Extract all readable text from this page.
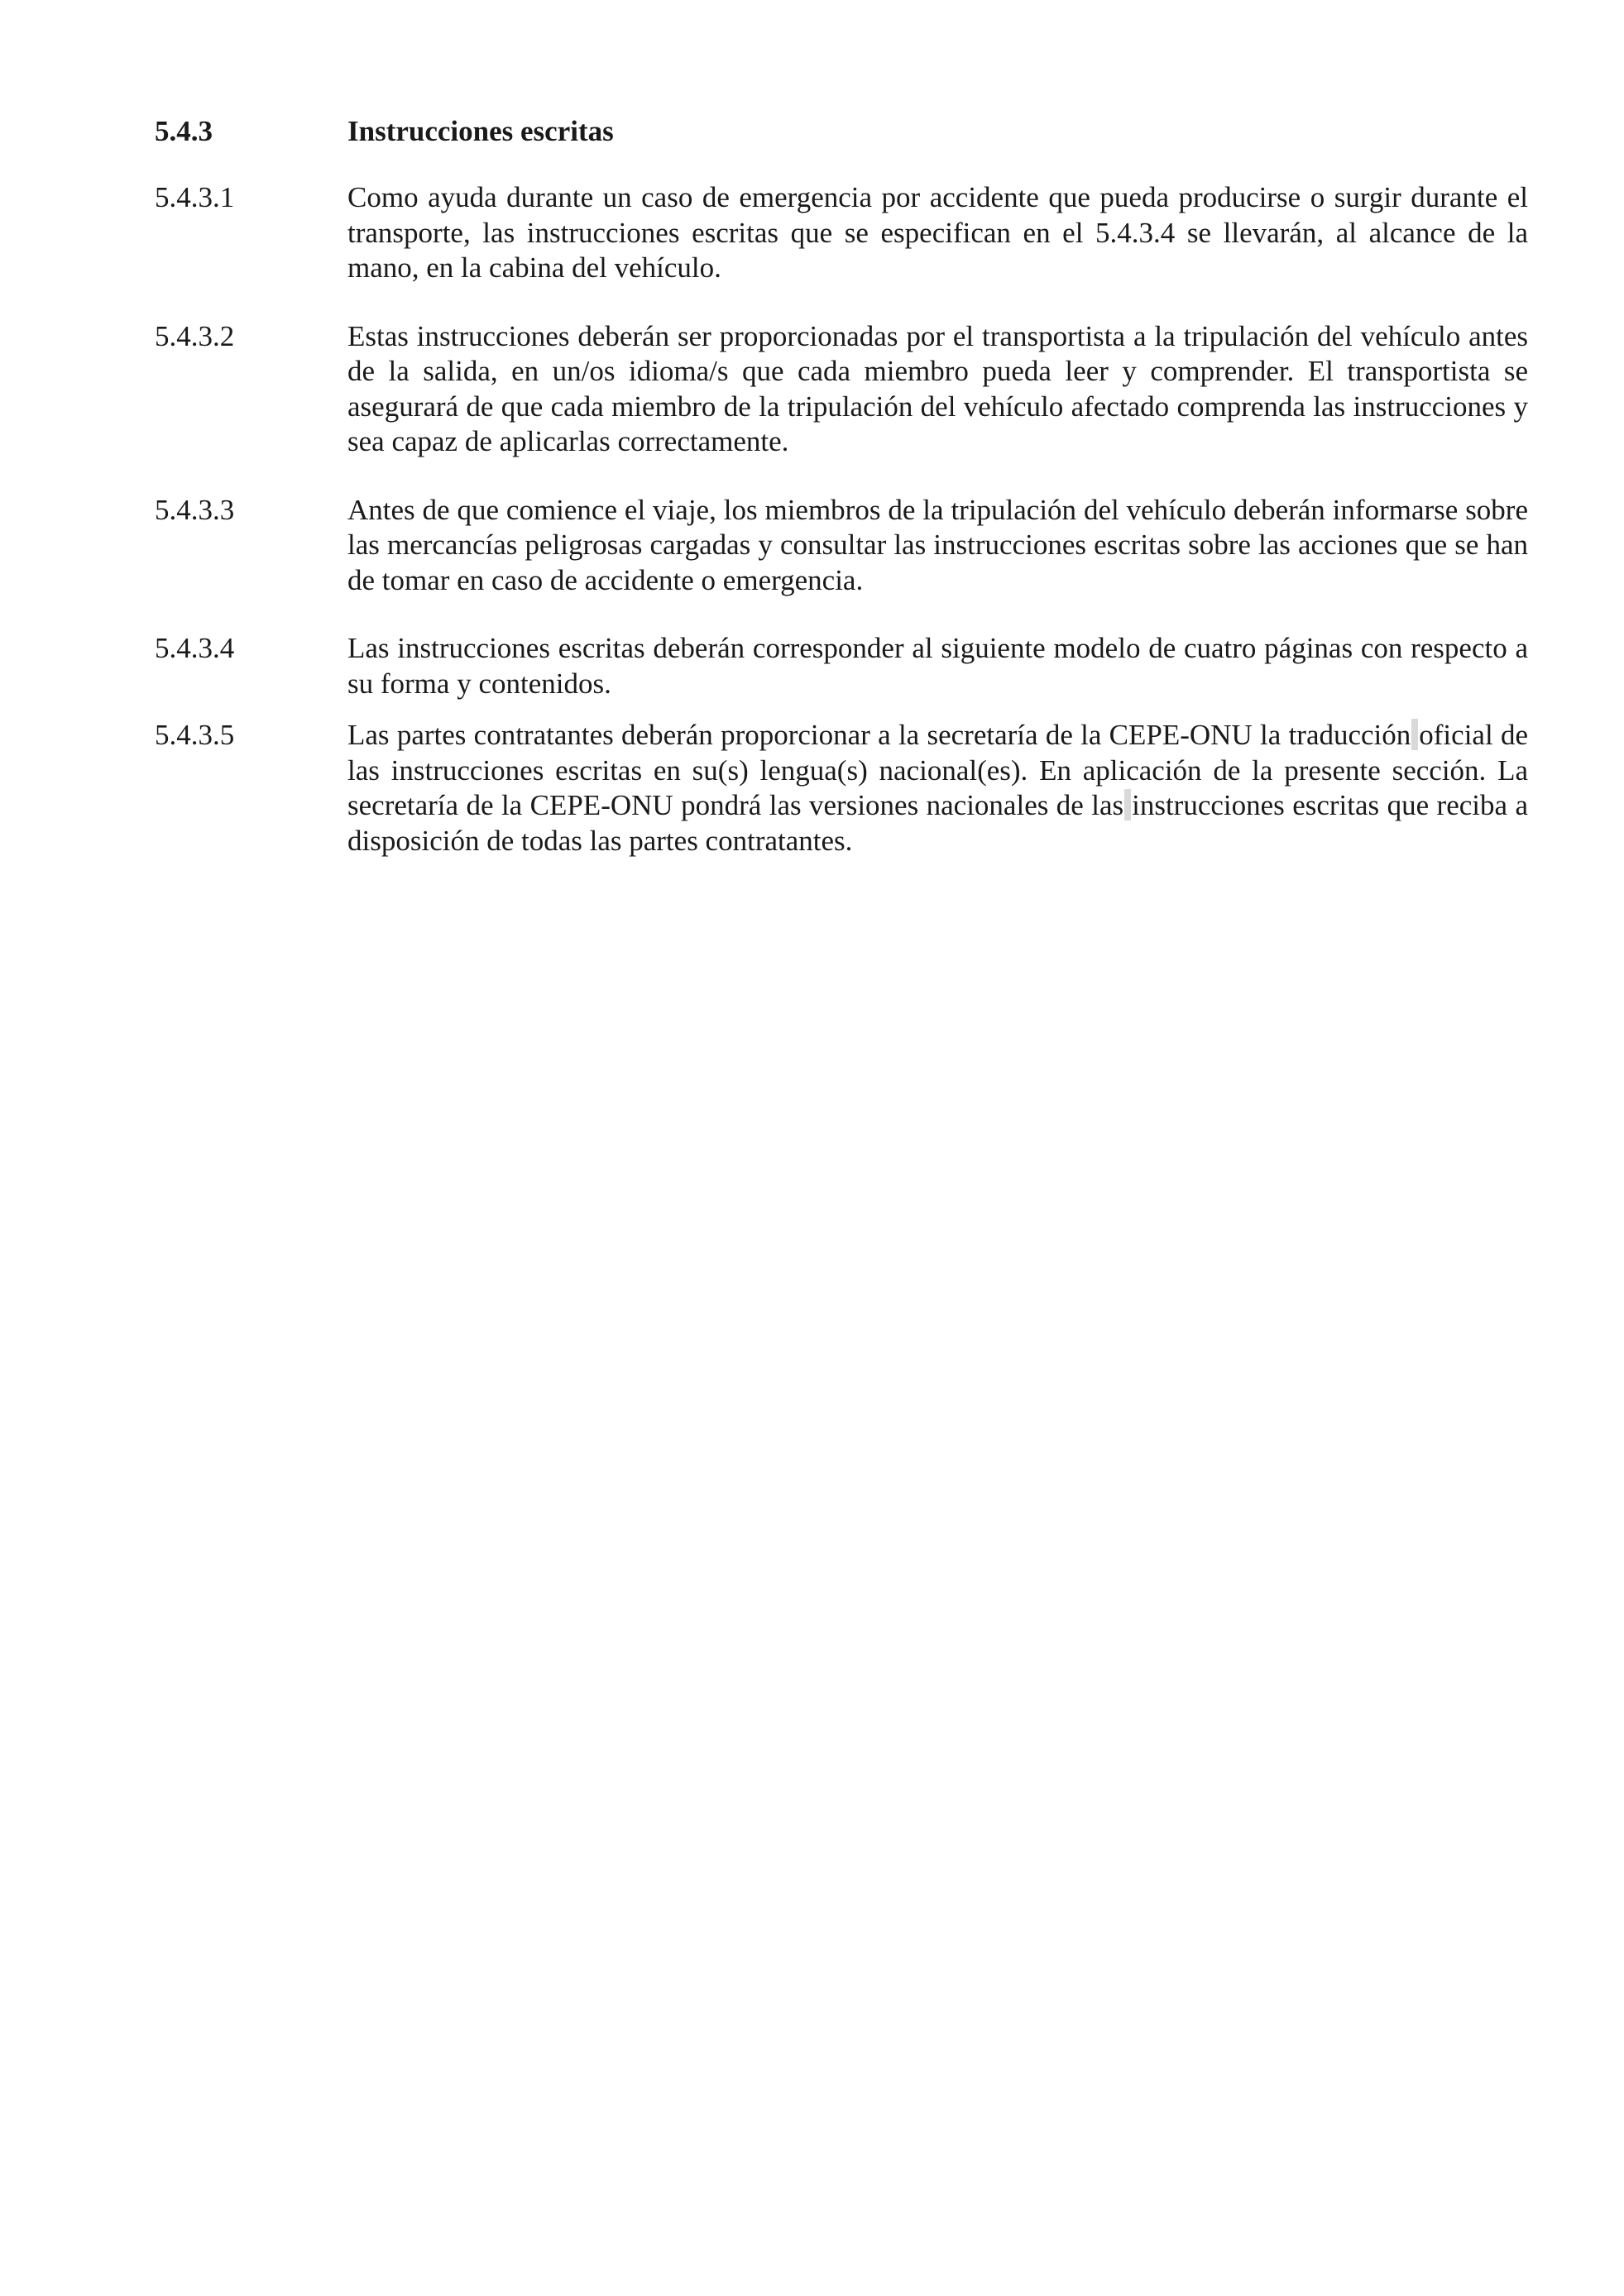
5.4.3	Instrucciones escritas
5.4.3.1	Como ayuda durante un caso de emergencia por accidente que pueda producirse o surgir durante el transporte, las instrucciones escritas que se especifican en el 5.4.3.4 se llevarán, al alcance de la mano, en la cabina del vehículo.
5.4.3.2	Estas instrucciones deberán ser proporcionadas por el transportista a la tripulación del vehículo antes de la salida, en un/os idioma/s que cada miembro pueda leer y comprender. El transportista se asegurará de que cada miembro de la tripulación del vehículo afectado comprenda las instrucciones y sea capaz de aplicarlas correctamente.
5.4.3.3	Antes de que comience el viaje, los miembros de la tripulación del vehículo deberán informarse sobre las mercancías peligrosas cargadas y consultar las instrucciones escritas sobre las acciones que se han de tomar en caso de accidente o emergencia.
5.4.3.4	Las instrucciones escritas deberán corresponder al siguiente modelo de cuatro páginas con respecto a su forma y contenidos.
5.4.3.5	Las partes contratantes deberán proporcionar a la secretaría de la CEPE-ONU la traducción oficial de las instrucciones escritas en su(s) lengua(s) nacional(es). En aplicación de la presente sección. La secretaría de la CEPE-ONU pondrá las versiones nacionales de las instrucciones escritas que reciba a disposición de todas las partes contratantes.
